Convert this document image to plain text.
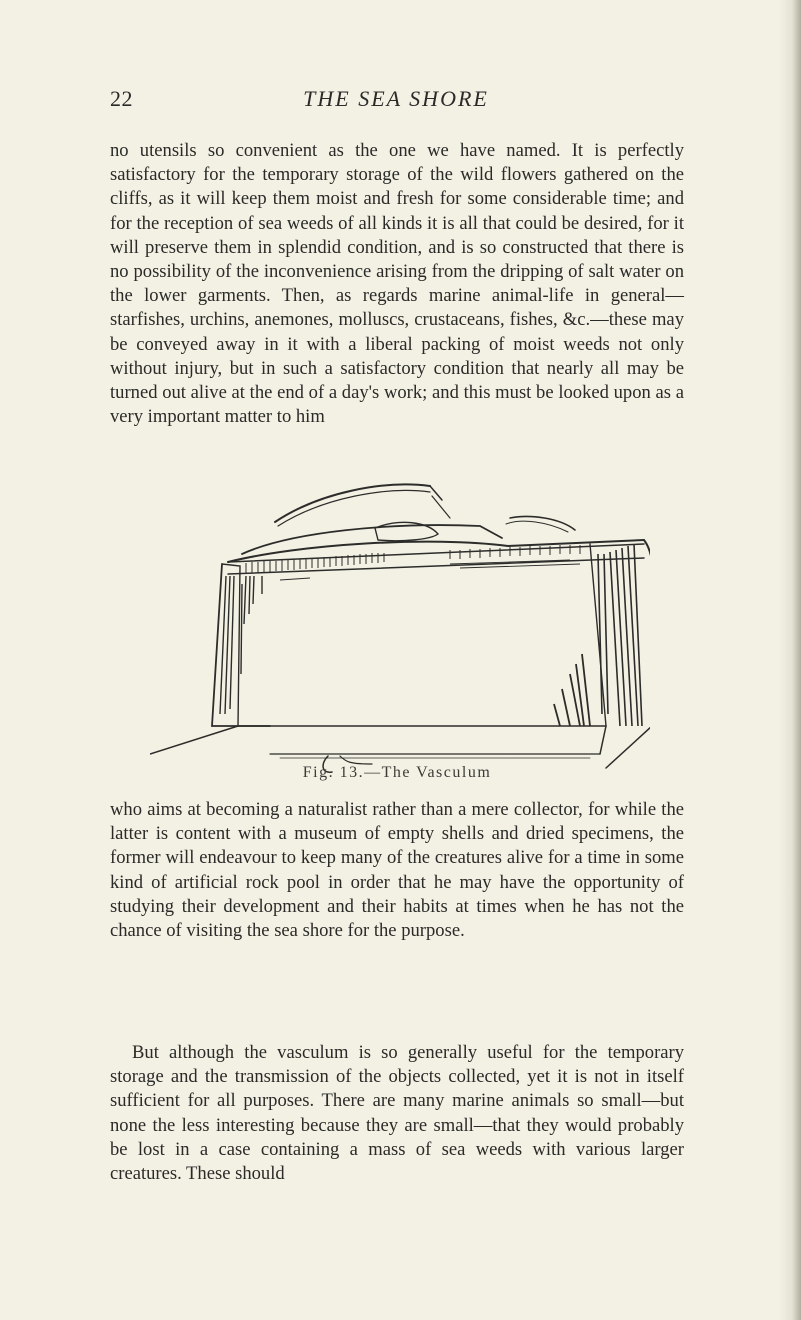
22	THE SEA SHORE

no utensils so convenient as the one we have named. It is perfectly satisfactory for the temporary storage of the wild flowers gathered on the cliffs, as it will keep them moist and fresh for some considerable time; and for the reception of sea weeds of all kinds it is all that could be desired, for it will preserve them in splendid condition, and is so constructed that there is no possibility of the inconvenience arising from the dripping of salt water on the lower garments. Then, as regards marine animal-life in general—starfishes, urchins, anemones, molluscs, crustaceans, fishes, &c.—these may be conveyed away in it with a liberal packing of moist weeds not only without injury, but in such a satisfactory condition that nearly all may be turned out alive at the end of a day's work; and this must be looked upon as a very important matter to him

Fig. 13.—The Vasculum

who aims at becoming a naturalist rather than a mere collector, for while the latter is content with a museum of empty shells and dried specimens, the former will endeavour to keep many of the creatures alive for a time in some kind of artificial rock pool in order that he may have the opportunity of studying their development and their habits at times when he has not the chance of visiting the sea shore for the purpose.

But although the vasculum is so generally useful for the temporary storage and the transmission of the objects collected, yet it is not in itself sufficient for all purposes. There are many marine animals so small—but none the less interesting because they are small—that they would probably be lost in a case containing a mass of sea weeds with various larger creatures. These should
